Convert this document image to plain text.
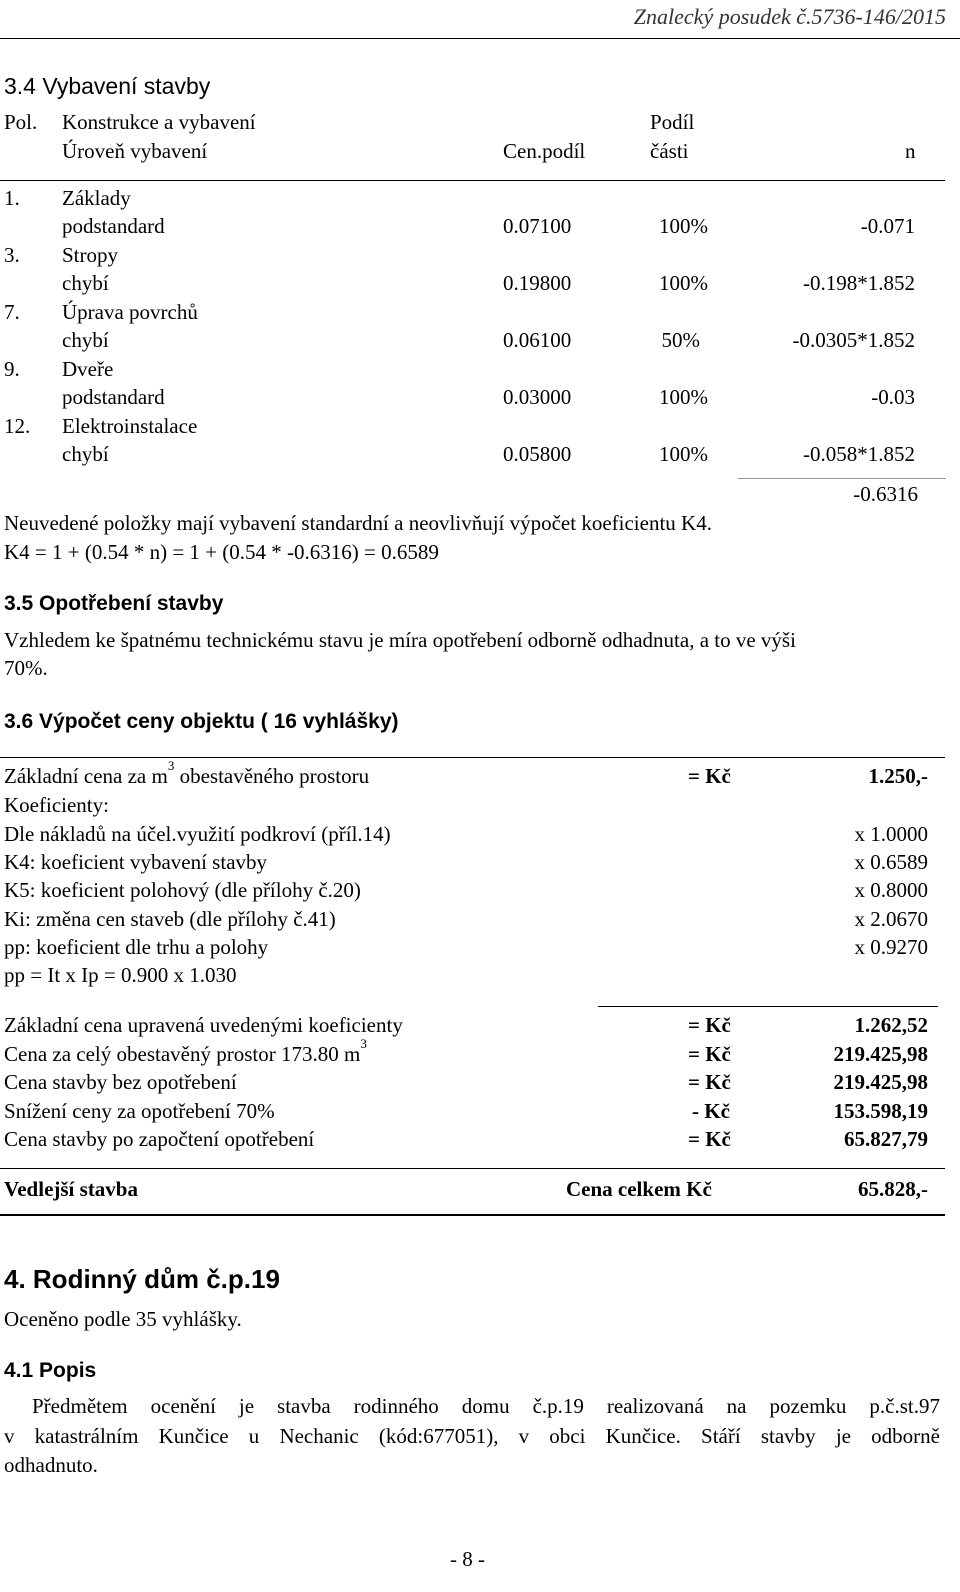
Znalecký posudek č.5736-146/2015
3.4 Vybavení stavby
Pol. Konstrukce a vybavení	Podíl
Úroveň vybavení	Cen.podíl	části	n
1. Základy
podstandard	0.07100	100%	-0.071
3. Stropy
chybí	0.19800	100%	-0.198*1.852
7. Úprava povrchů
chybí	0.06100	50%	-0.0305*1.852
9. Dveře
podstandard	0.03000	100%	-0.03
12. Elektroinstalace
chybí	0.05800	100%	-0.058*1.852
-0.6316
Neuvedené položky mají vybavení standardní a neovlivňují výpočet koeficientu K4.
K4 = 1 + (0.54 * n) = 1 + (0.54 * -0.6316) = 0.6589
3.5 Opotřebení stavby
Vzhledem ke špatnému technickému stavu je míra opotřebení odborně odhadnuta, a to ve výši
70%.
3.6 Výpočet ceny objektu ( 16 vyhlášky)
Základní cena za $m^3$ obestavěného prostoru	= Kč	1.250,-
Koeficienty:
Dle nákladů na účel.využití podkroví (příl.14)	x 1.0000
K4: koeficient vybavení stavby	x 0.6589
K5: koeficient polohový (dle přílohy č.20)	x 0.8000
Ki: změna cen staveb (dle přílohy č.41)	x 2.0670
pp: koeficient dle trhu a polohy	x 0.9270
pp = It x Ip = 0.900 x 1.030
Základní cena upravená uvedenými koeficienty	= Kč	1.262,52
Cena za celý obestavěný prostor 173.80 $m^3$	= Kč	219.425,98
Cena stavby bez opotřebení	= Kč	219.425,98
Snížení ceny za opotřebení 70%	- Kč	153.598,19
Cena stavby po započtení opotřebení	= Kč	65.827,79
Vedlejší stavba	Cena celkem Kč	65.828,-
4. Rodinný dům č.p.19
Oceněno podle 35 vyhlášky.
4.1 Popis
Předmětem ocenění je stavba rodinného domu č.p.19 realizovaná na pozemku p.č.st.97
v katastrálním Kunčice u Nechanic (kód:677051), v obci Kunčice. Stáří stavby je odborně
odhadnuto.
- 8 -
